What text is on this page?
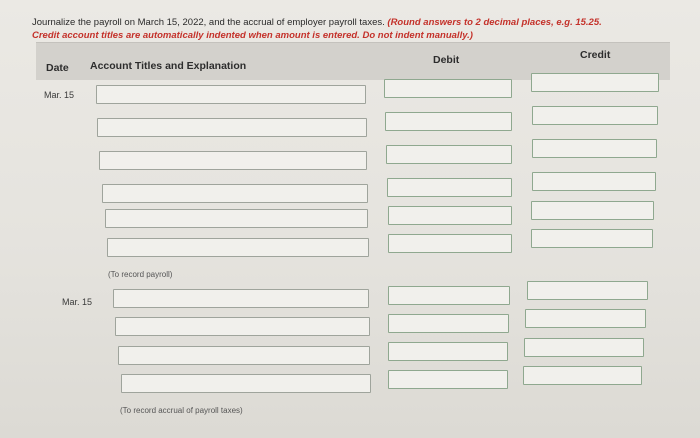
Journalize the payroll on March 15, 2022, and the accrual of employer payroll taxes. (Round answers to 2 decimal places, e.g. 15.25.
Credit account titles are automatically indented when amount is entered. Do not indent manually.)
Date Account Titles and Explanation	Debit	Credit
Mar. 15
(To record payroll)
Mar. 15
(To record accrual of payroll taxes)
